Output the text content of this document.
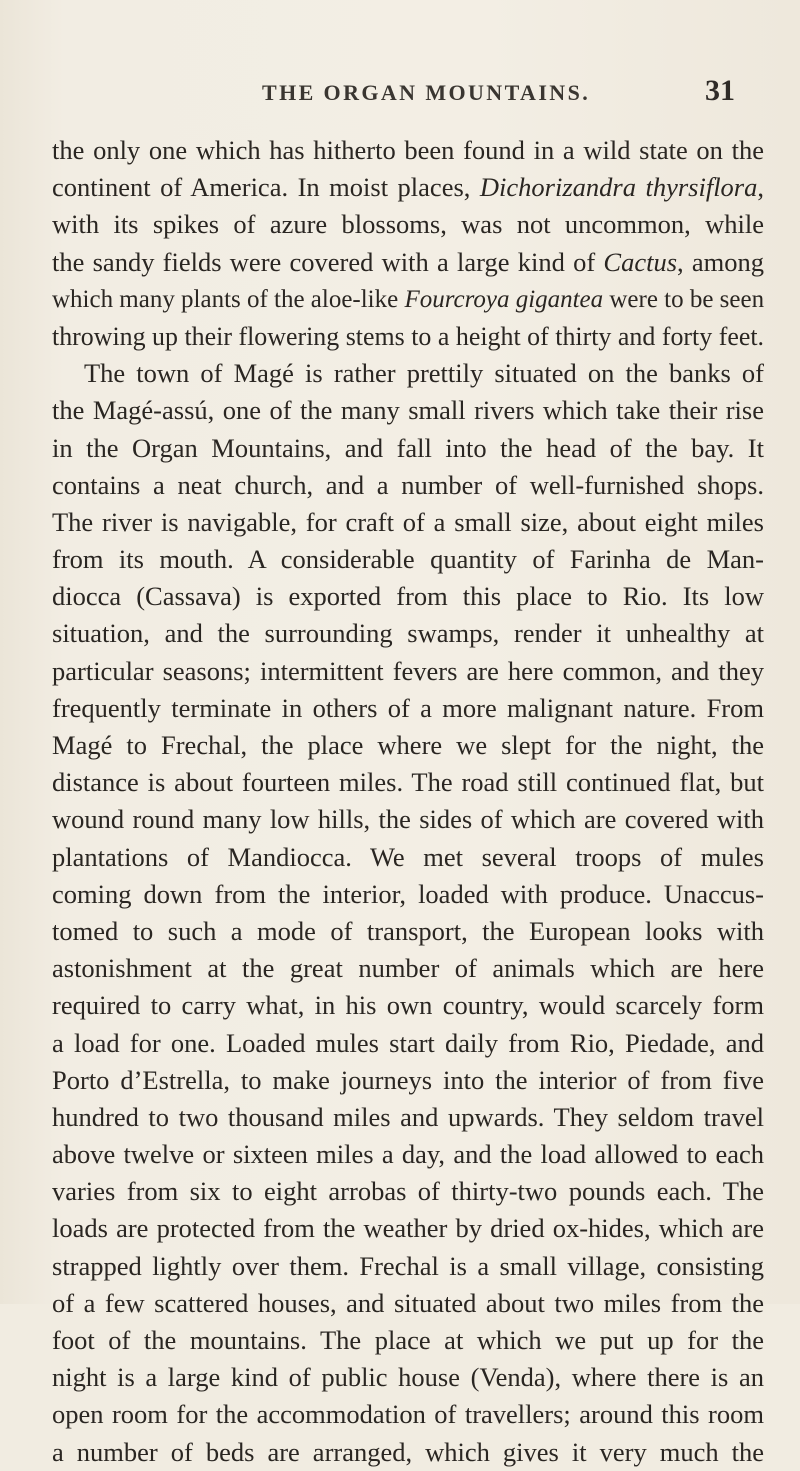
THE ORGAN MOUNTAINS.	31
the only one which has hitherto been found in a wild state on the
continent of America. In moist places, Dichorizandra thyrsiflora,
with its spikes of azure blossoms, was not uncommon, while
the sandy fields were covered with a large kind of Cactus, among
which many plants of the aloe-like Fourcroya gigantea were to be seen
throwing up their flowering stems to a height of thirty and forty feet.
The town of Magé is rather prettily situated on the banks of
the Magé-assú, one of the many small rivers which take their rise
in the Organ Mountains, and fall into the head of the bay. It
contains a neat church, and a number of well-furnished shops.
The river is navigable, for craft of a small size, about eight miles
from its mouth. A considerable quantity of Farinha de Man-
diocca (Cassava) is exported from this place to Rio. Its low
situation, and the surrounding swamps, render it unhealthy at
particular seasons; intermittent fevers are here common, and they
frequently terminate in others of a more malignant nature. From
Magé to Frechal, the place where we slept for the night, the
distance is about fourteen miles. The road still continued flat, but
wound round many low hills, the sides of which are covered with
plantations of Mandiocca. We met several troops of mules
coming down from the interior, loaded with produce. Unaccus-
tomed to such a mode of transport, the European looks with
astonishment at the great number of animals which are here
required to carry what, in his own country, would scarcely form
a load for one. Loaded mules start daily from Rio, Piedade, and
Porto d’Estrella, to make journeys into the interior of from five
hundred to two thousand miles and upwards. They seldom travel
above twelve or sixteen miles a day, and the load allowed to each
varies from six to eight arrobas of thirty-two pounds each. The
loads are protected from the weather by dried ox-hides, which are
strapped lightly over them. Frechal is a small village, consisting
of a few scattered houses, and situated about two miles from the
foot of the mountains. The place at which we put up for the
night is a large kind of public house (Venda), where there is an
open room for the accommodation of travellers; around this room
a number of beds are arranged, which gives it very much the
